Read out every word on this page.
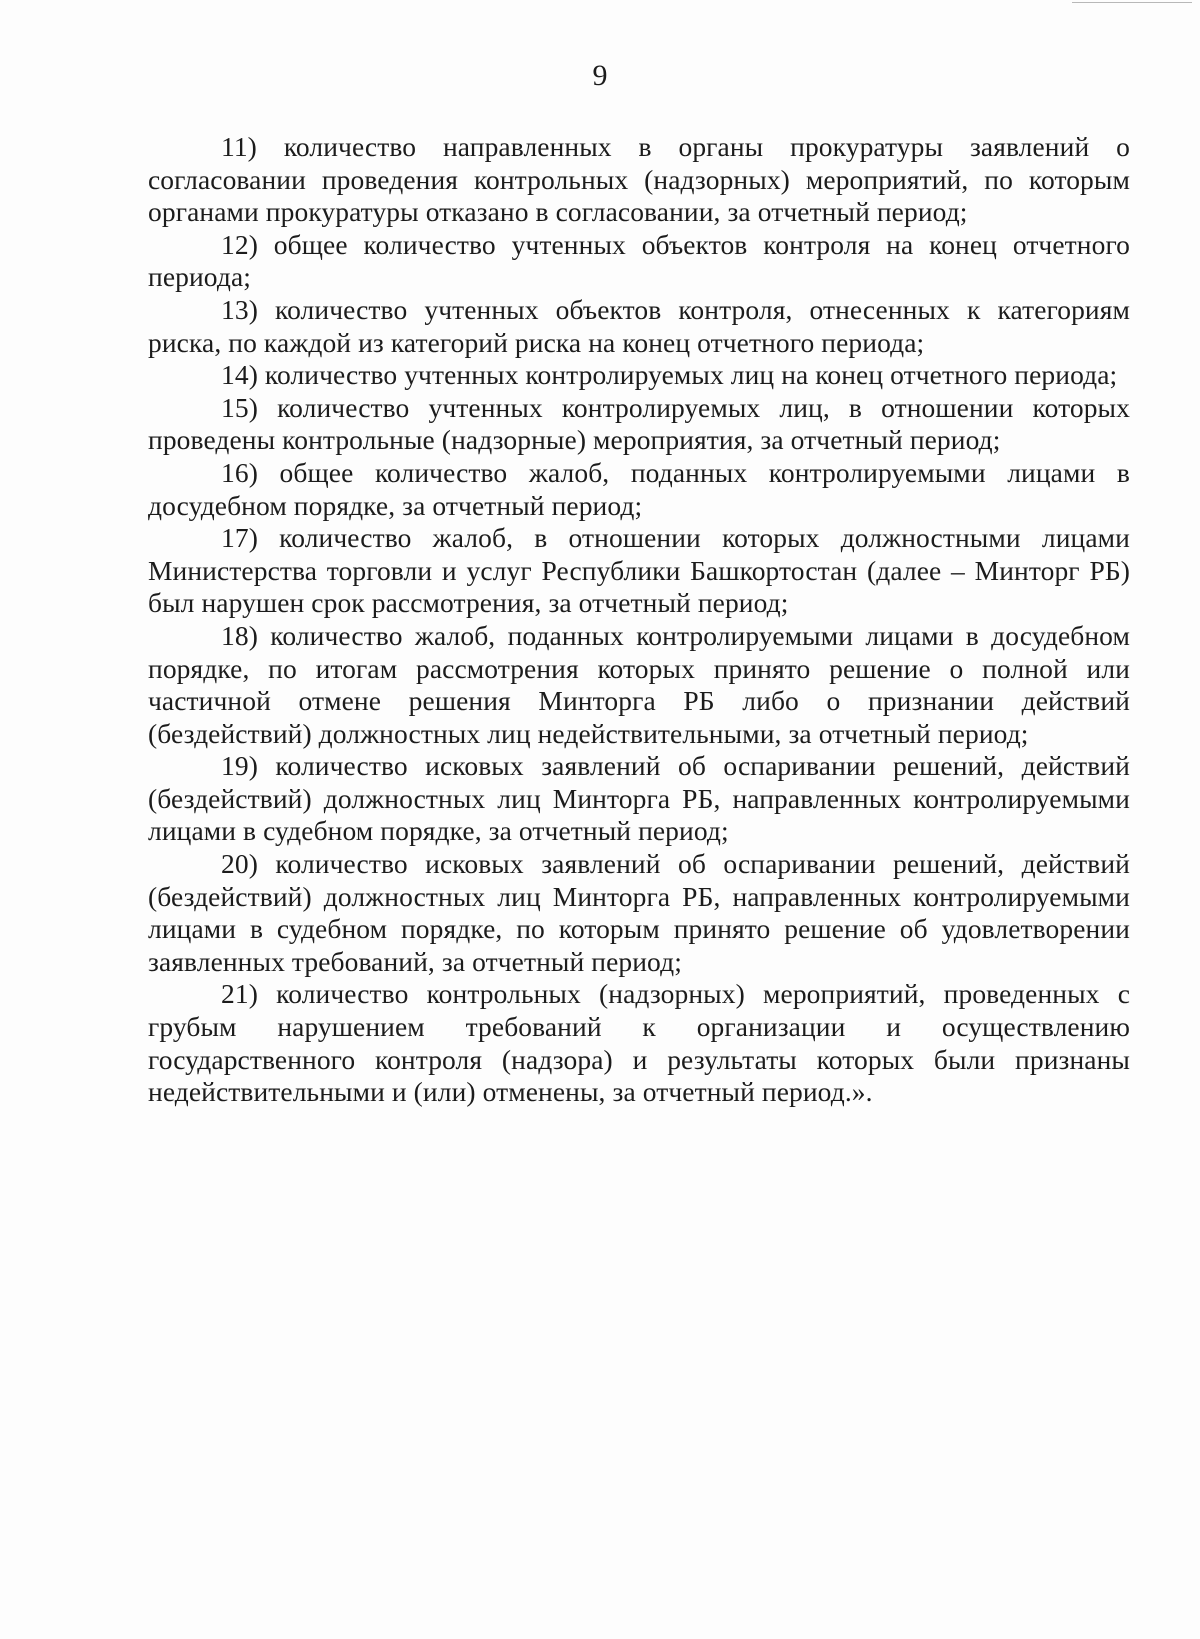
9

11) количество направленных в органы прокуратуры заявлений о согласовании проведения контрольных (надзорных) мероприятий, по которым органами прокуратуры отказано в согласовании, за отчетный период;

12) общее количество учтенных объектов контроля на конец отчетного периода;

13) количество учтенных объектов контроля, отнесенных к категориям риска, по каждой из категорий риска на конец отчетного периода;

14) количество учтенных контролируемых лиц на конец отчетного периода;

15) количество учтенных контролируемых лиц, в отношении которых проведены контрольные (надзорные) мероприятия, за отчетный период;

16) общее количество жалоб, поданных контролируемыми лицами в досудебном порядке, за отчетный период;

17) количество жалоб, в отношении которых должностными лицами Министерства торговли и услуг Республики Башкортостан (далее – Минторг РБ) был нарушен срок рассмотрения, за отчетный период;

18) количество жалоб, поданных контролируемыми лицами в досудебном порядке, по итогам рассмотрения которых принято решение о полной или частичной отмене решения Минторга РБ либо о признании действий (бездействий) должностных лиц недействительными, за отчетный период;

19) количество исковых заявлений об оспаривании решений, действий (бездействий) должностных лиц Минторга РБ, направленных контролируемыми лицами в судебном порядке, за отчетный период;

20) количество исковых заявлений об оспаривании решений, действий (бездействий) должностных лиц Минторга РБ, направленных контролируемыми лицами в судебном порядке, по которым принято решение об удовлетворении заявленных требований, за отчетный период;

21) количество контрольных (надзорных) мероприятий, проведенных с грубым нарушением требований к организации и осуществлению государственного контроля (надзора) и результаты которых были признаны недействительными и (или) отменены, за отчетный период.».
